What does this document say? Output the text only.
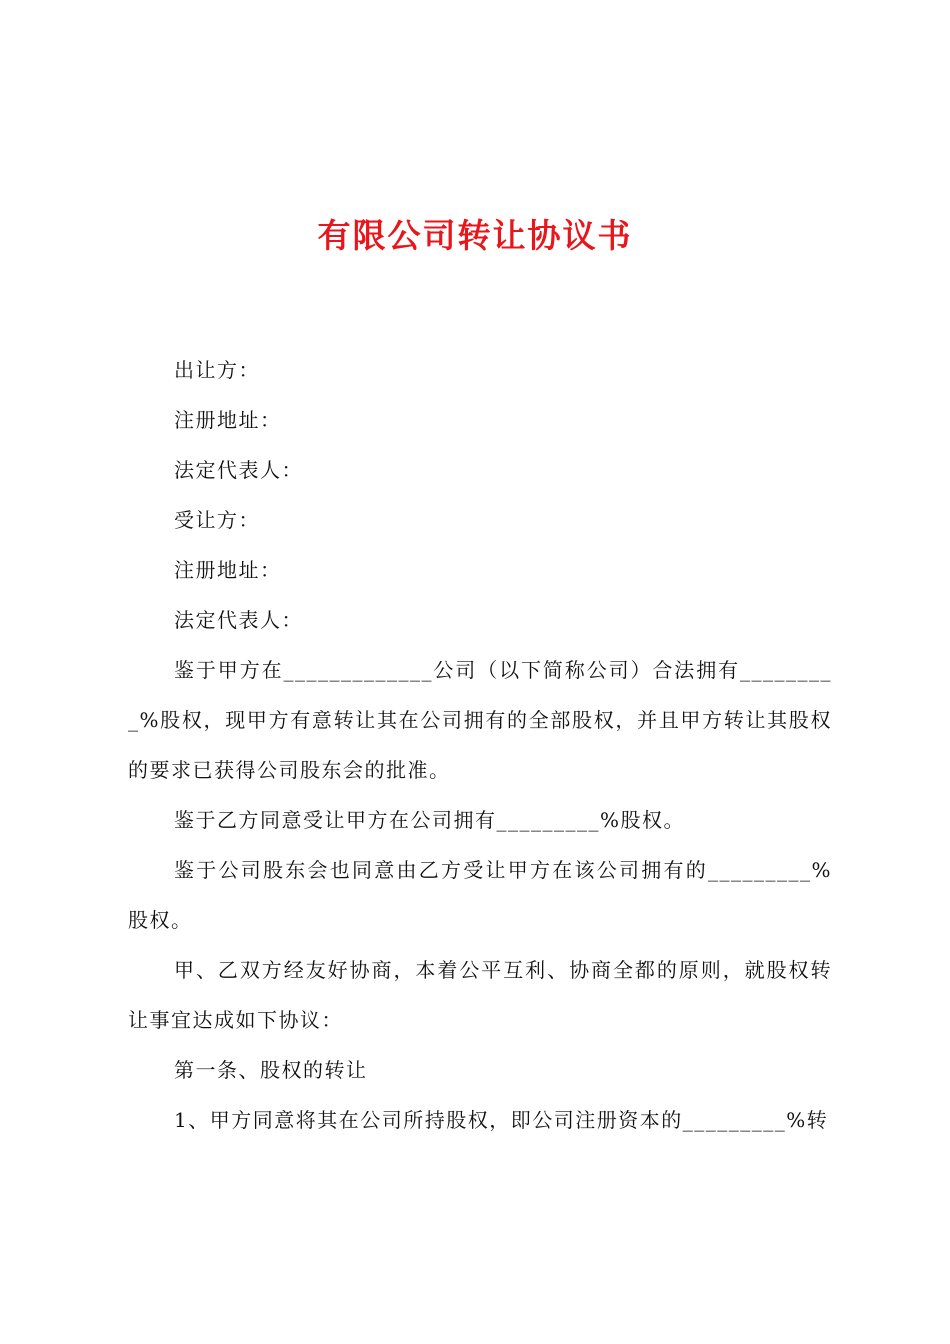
有限公司转让协议书

出让方：

注册地址：

法定代表人：

受让方：

注册地址：

法定代表人：

鉴于甲方在_____________公司（以下简称公司）合法拥有_________%股权，现甲方有意转让其在公司拥有的全部股权，并且甲方转让其股权的要求已获得公司股东会的批准。

鉴于乙方同意受让甲方在公司拥有_________%股权。

鉴于公司股东会也同意由乙方受让甲方在该公司拥有的_________%股权。

甲、乙双方经友好协商，本着公平互利、协商全都的原则，就股权转让事宜达成如下协议：

第一条、股权的转让

1、甲方同意将其在公司所持股权，即公司注册资本的_________%转
